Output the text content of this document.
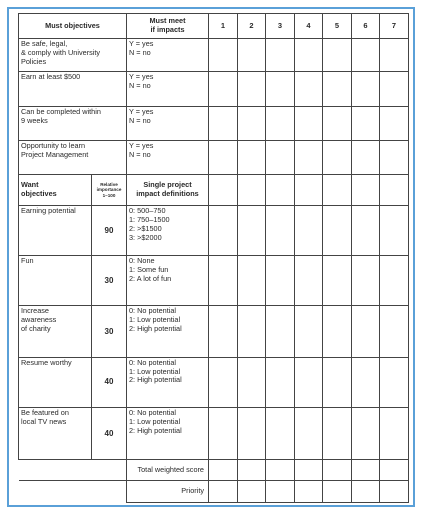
Must objectives		Must meet
if impacts	1	2	3	4	5	6	7

Be safe, legal,
& comply with University
Policies		Y = yes
N = no							

Earn at least $500		Y = yes
N = no							

Can be completed within
9 weeks		Y = yes
N = no							

Opportunity to learn
Project Management		Y = yes
N = no							

Want
objectives	Relative
importance
1–100	Single project
impact definitions							

Earning potential	90	0: 500–750
1: 750–1500
2: >$1500
3: >$2000							

Fun	30	0: None
1: Some fun
2: A lot of fun							

Increase
awareness
of charity	30	0: No potential
1: Low potential
2: High potential							

Resume worthy	40	0: No potential
1: Low potential
2: High potential							

Be featured on
local TV news	40	0: No potential
1: Low potential
2: High potential							

		Total weighted score							
		Priority							
